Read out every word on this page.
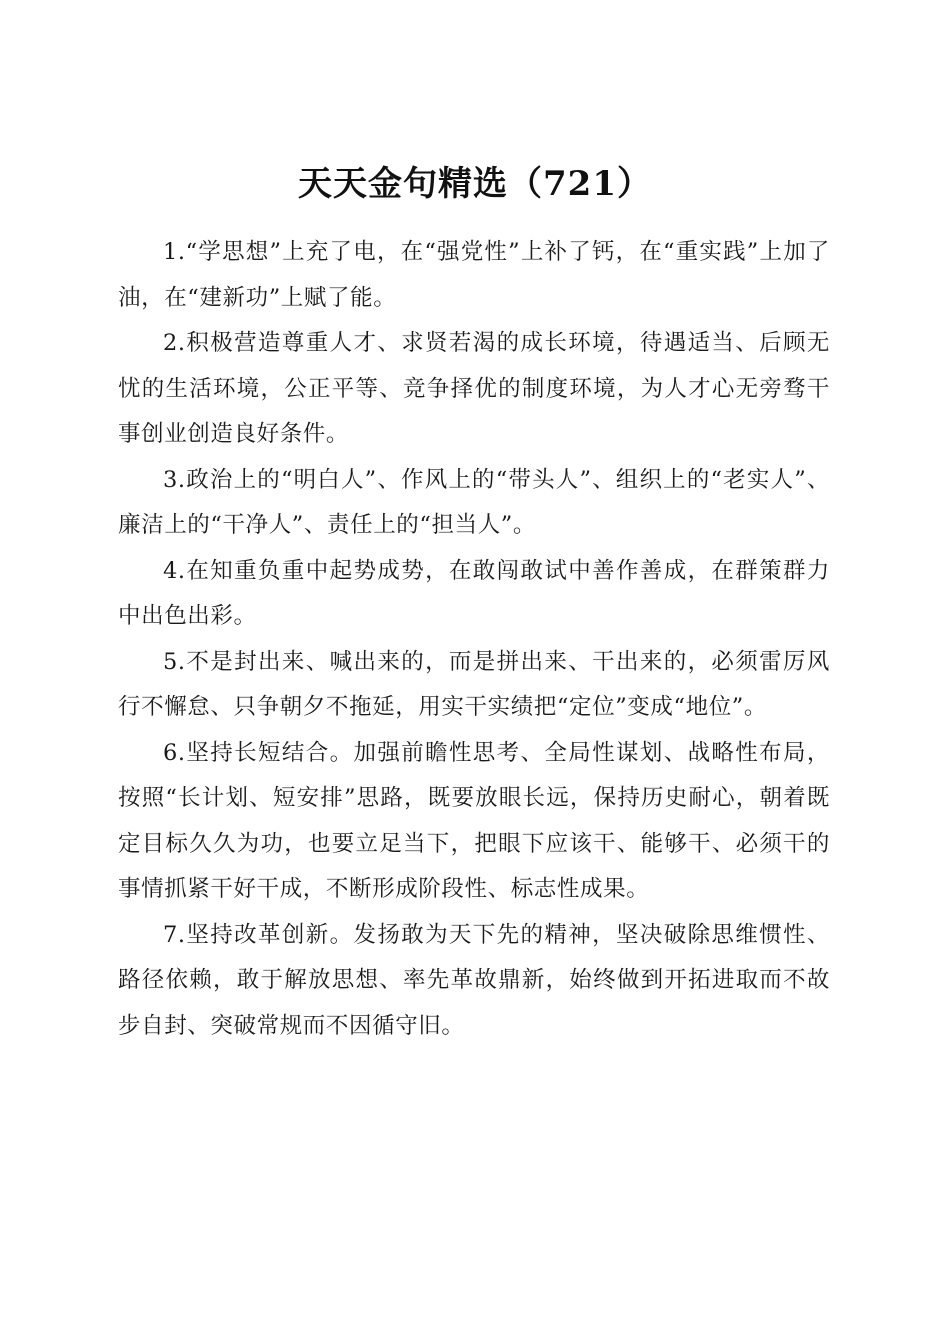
天天金句精选（721）

1.“学思想”上充了电，在“强党性”上补了钙，在“重实践”上加了油，在“建新功”上赋了能。

2.积极营造尊重人才、求贤若渴的成长环境，待遇适当、后顾无忧的生活环境，公正平等、竞争择优的制度环境，为人才心无旁骛干事创业创造良好条件。

3.政治上的“明白人”、作风上的“带头人”、组织上的“老实人”、廉洁上的“干净人”、责任上的“担当人”。

4.在知重负重中起势成势，在敢闯敢试中善作善成，在群策群力中出色出彩。

5.不是封出来、喊出来的，而是拼出来、干出来的，必须雷厉风行不懈怠、只争朝夕不拖延，用实干实绩把“定位”变成“地位”。

6.坚持长短结合。加强前瞻性思考、全局性谋划、战略性布局，按照“长计划、短安排”思路，既要放眼长远，保持历史耐心，朝着既定目标久久为功，也要立足当下，把眼下应该干、能够干、必须干的事情抓紧干好干成，不断形成阶段性、标志性成果。

7.坚持改革创新。发扬敢为天下先的精神，坚决破除思维惯性、路径依赖，敢于解放思想、率先革故鼎新，始终做到开拓进取而不故步自封、突破常规而不因循守旧。
